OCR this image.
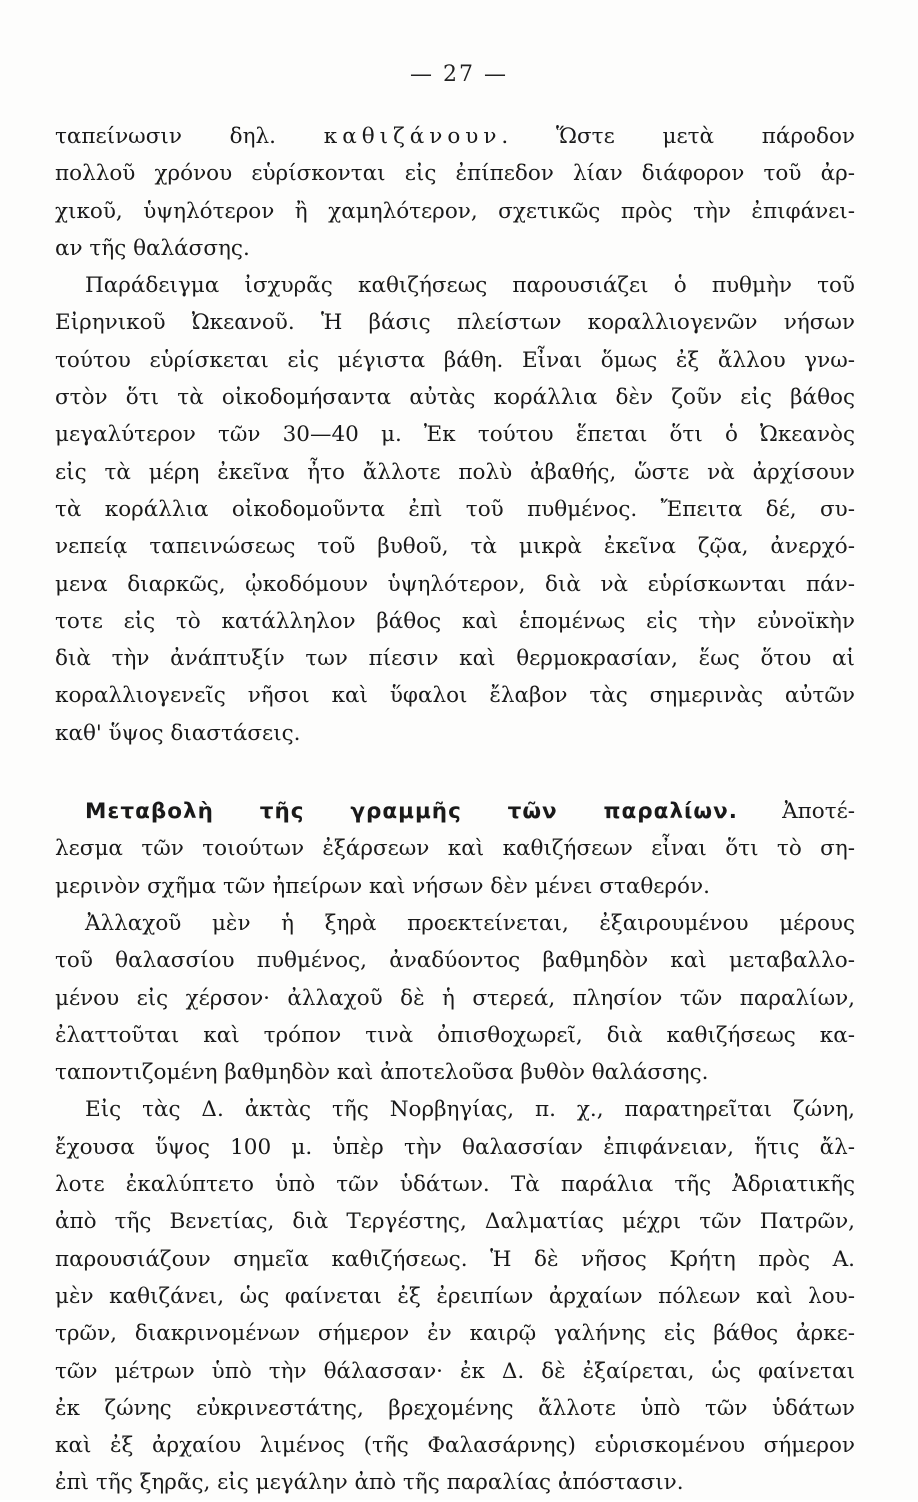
— 27 —
ταπείνωσιν δηλ. καθιζάνουν. Ὥστε μετὰ πάροδον
πολλοῦ χρόνου εὑρίσκονται εἰς ἐπίπεδον λίαν διάφορον τοῦ ἀρ-
χικοῦ, ὑψηλότερον ἢ χαμηλότερον, σχετικῶς πρὸς τὴν ἐπιφάνει-
αν τῆς θαλάσσης.
Παράδειγμα ἰσχυρᾶς καθιζήσεως παρουσιάζει ὁ πυθμὴν τοῦ
Εἰρηνικοῦ Ὠκεανοῦ. Ἡ βάσις πλείστων κοραλλιογενῶν νήσων
τούτου εὑρίσκεται εἰς μέγιστα βάθη. Εἶναι ὅμως ἐξ ἄλλου γνω-
στὸν ὅτι τὰ οἰκοδομήσαντα αὐτὰς κοράλλια δὲν ζοῦν εἰς βάθος
μεγαλύτερον τῶν 30—40 μ. Ἐκ τούτου ἕπεται ὅτι ὁ Ὠκεανὸς
εἰς τὰ μέρη ἐκεῖνα ἦτο ἄλλοτε πολὺ ἀβαθής, ὥστε νὰ ἀρχίσουν
τὰ κοράλλια οἰκοδομοῦντα ἐπὶ τοῦ πυθμένος. Ἔπειτα δέ, συ-
νεπείᾳ ταπεινώσεως τοῦ βυθοῦ, τὰ μικρὰ ἐκεῖνα ζῷα, ἀνερχό-
μενα διαρκῶς, ᾠκοδόμουν ὑψηλότερον, διὰ νὰ εὑρίσκωνται πάν-
τοτε εἰς τὸ κατάλληλον βάθος καὶ ἑπομένως εἰς τὴν εὐνοϊκὴν
διὰ τὴν ἀνάπτυξίν των πίεσιν καὶ θερμοκρασίαν, ἕως ὅτου αἱ
κοραλλιογενεῖς νῆσοι καὶ ὕφαλοι ἔλαβον τὰς σημερινὰς αὐτῶν
καθ' ὕψος διαστάσεις.
Μεταβολὴ τῆς γραμμῆς τῶν παραλίων. Ἀποτέ-
λεσμα τῶν τοιούτων ἐξάρσεων καὶ καθιζήσεων εἶναι ὅτι τὸ ση-
μερινὸν σχῆμα τῶν ἠπείρων καὶ νήσων δὲν μένει σταθερόν.
Ἀλλαχοῦ μὲν ἡ ξηρὰ προεκτείνεται, ἐξαιρουμένου μέρους
τοῦ θαλασσίου πυθμένος, ἀναδύοντος βαθμηδὸν καὶ μεταβαλλο-
μένου εἰς χέρσον· ἀλλαχοῦ δὲ ἡ στερεά, πλησίον τῶν παραλίων,
ἐλαττοῦται καὶ τρόπον τινὰ ὀπισθοχωρεῖ, διὰ καθιζήσεως κα-
ταποντιζομένη βαθμηδὸν καὶ ἀποτελοῦσα βυθὸν θαλάσσης.
Εἰς τὰς Δ. ἀκτὰς τῆς Νορβηγίας, π. χ., παρατηρεῖται ζώνη,
ἔχουσα ὕψος 100 μ. ὑπὲρ τὴν θαλασσίαν ἐπιφάνειαν, ἥτις ἄλ-
λοτε ἐκαλύπτετο ὑπὸ τῶν ὑδάτων. Τὰ παράλια τῆς Ἀδριατικῆς
ἀπὸ τῆς Βενετίας, διὰ Τεργέστης, Δαλματίας μέχρι τῶν Πατρῶν,
παρουσιάζουν σημεῖα καθιζήσεως. Ἡ δὲ νῆσος Κρήτη πρὸς Α.
μὲν καθιζάνει, ὡς φαίνεται ἐξ ἐρειπίων ἀρχαίων πόλεων καὶ λου-
τρῶν, διακρινομένων σήμερον ἐν καιρῷ γαλήνης εἰς βάθος ἀρκε-
τῶν μέτρων ὑπὸ τὴν θάλασσαν· ἐκ Δ. δὲ ἐξαίρεται, ὡς φαίνεται
ἐκ ζώνης εὐκρινεστάτης, βρεχομένης ἄλλοτε ὑπὸ τῶν ὑδάτων
καὶ ἐξ ἀρχαίου λιμένος (τῆς Φαλασάρνης) εὑρισκομένου σήμερον
ἐπὶ τῆς ξηρᾶς, εἰς μεγάλην ἀπὸ τῆς παραλίας ἀπόστασιν.
